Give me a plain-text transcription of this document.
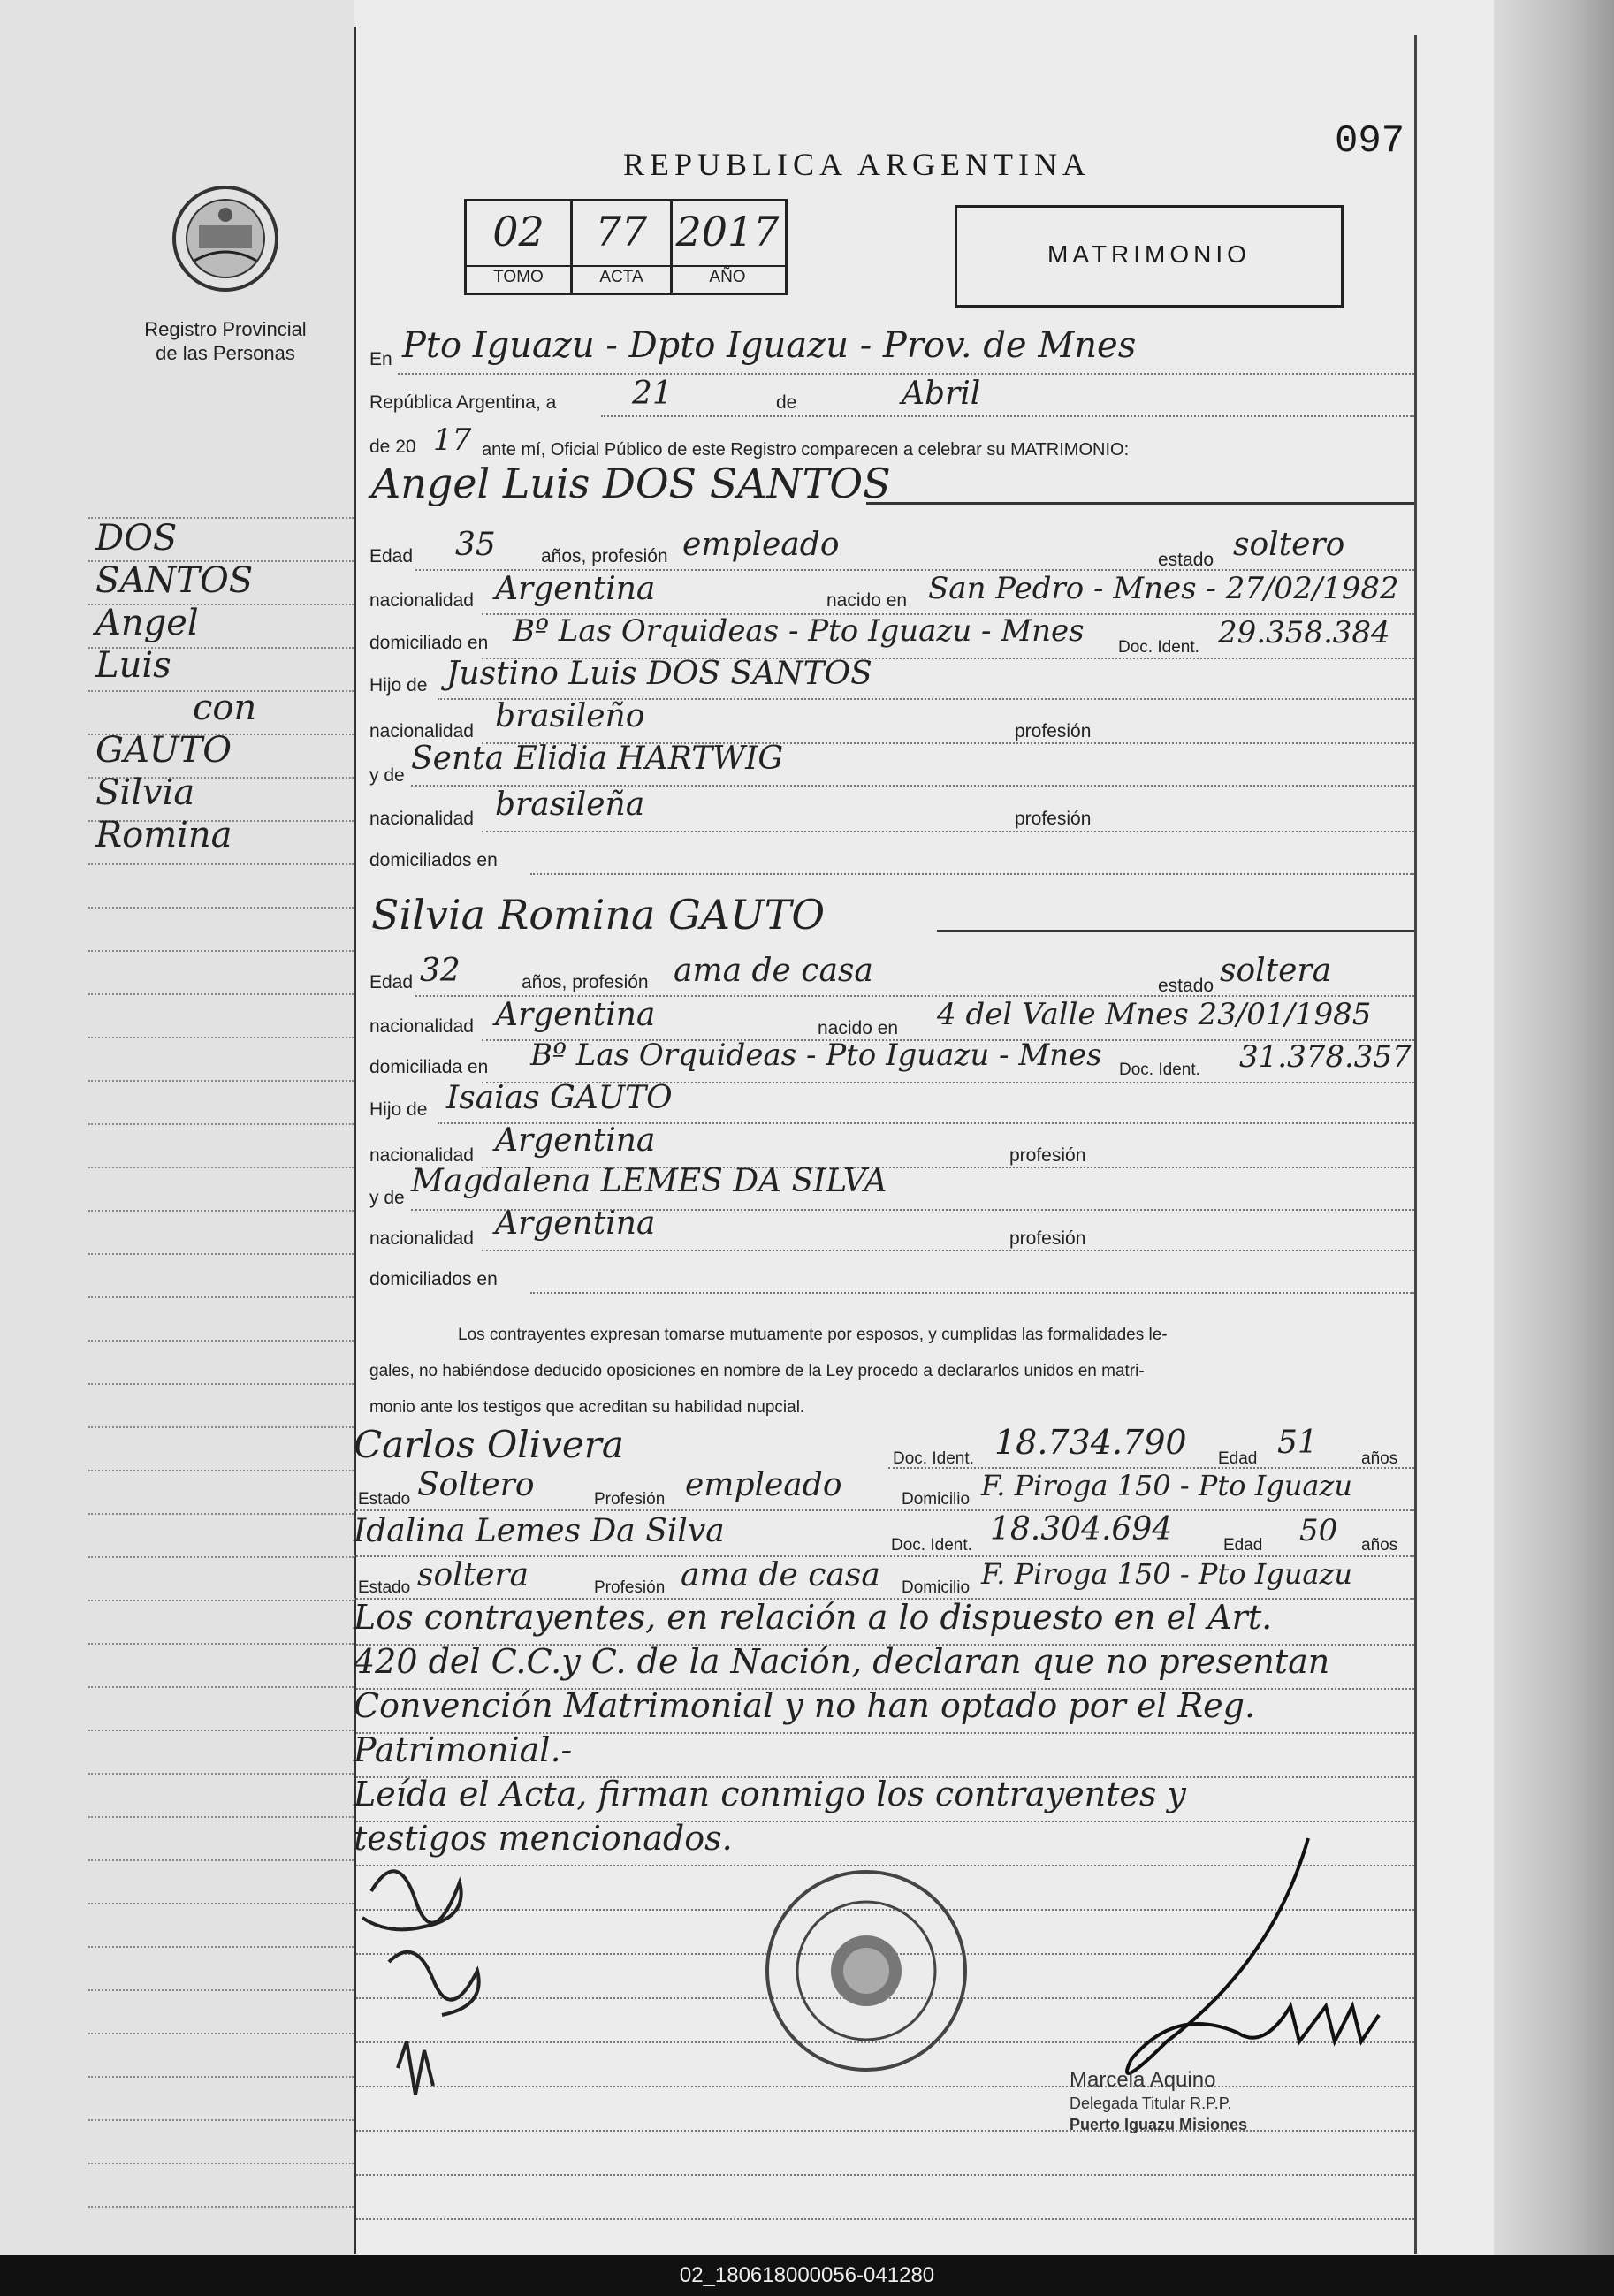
Registro Provincial
de las Personas
DOS SANTOS
Angel
Luis
con
GAUTO
Silvia
Romina
REPUBLICA ARGENTINA
097
02	77 2017
TOMO	ACTA	AÑO
MATRIMONIO
En Pto Iguazu - Dpto Iguazu - Prov. de Mnes
República Argentina, a 21	de	Abril
de 20 17 ante mí, Oficial Público de este Registro comparecen a celebrar su MATRIMONIO:
Angel Luis DOS SANTOS
Edad 35 años, profesión empleado	estado soltero
nacionalidad Argentina	nacido en San Pedro - Mnes - 27/02/1982
domiciliado en Bº Las Orquideas - Pto Iguazu - Mnes Doc. Ident. 29.358.384
Hijo de Justino Luis DOS SANTOS
nacionalidad brasileño	profesión
y de Senta Elidia HARTWIG
nacionalidad brasileña	profesión
domiciliados en
Silvia Romina GAUTO
Edad 32	años, profesión ama de casa	estado soltera
nacionalidad Argentina	nacido en 4 del Valle Mnes 23/01/1985
domiciliada en Bº Las Orquideas - Pto Iguazu - Mnes Doc. Ident. 31.378.357
Hijo de Isaias GAUTO
nacionalidad Argentina	profesión
y de Magdalena LEMES DA SILVA
nacionalidad Argentina	profesión
domiciliados en
Los contrayentes expresan tomarse mutuamente por esposos, y cumplidas las formalidades le-
gales, no habiéndose deducido oposiciones en nombre de la Ley procedo a declararlos unidos en matri-
monio ante los testigos que acreditan su habilidad nupcial.
Carlos Olivera	Doc. Ident. 18.734.790 Edad 51	años
Estado Soltero	Profesión empleado	Domicilio F. Piroga 150 - Pto Iguazu
Idalina Lemes Da Silva	Doc. Ident. 18.304.694	Edad 50 años
Estado soltera	Profesión ama de casa Domicilio F. Piroga 150 - Pto Iguazu
Los contrayentes, en relación a lo dispuesto en el Art.
420 del C.C.y C. de la Nación, declaran que no presentan
Convención Matrimonial y no han optado por el Reg.
Patrimonial.-
Leída el Acta, firman conmigo los contrayentes y
testigos mencionados.
Marcela Aquino
Delegada Titular R.P.P.
Puerto Iguazu Misiones
02_180618000056-041280
